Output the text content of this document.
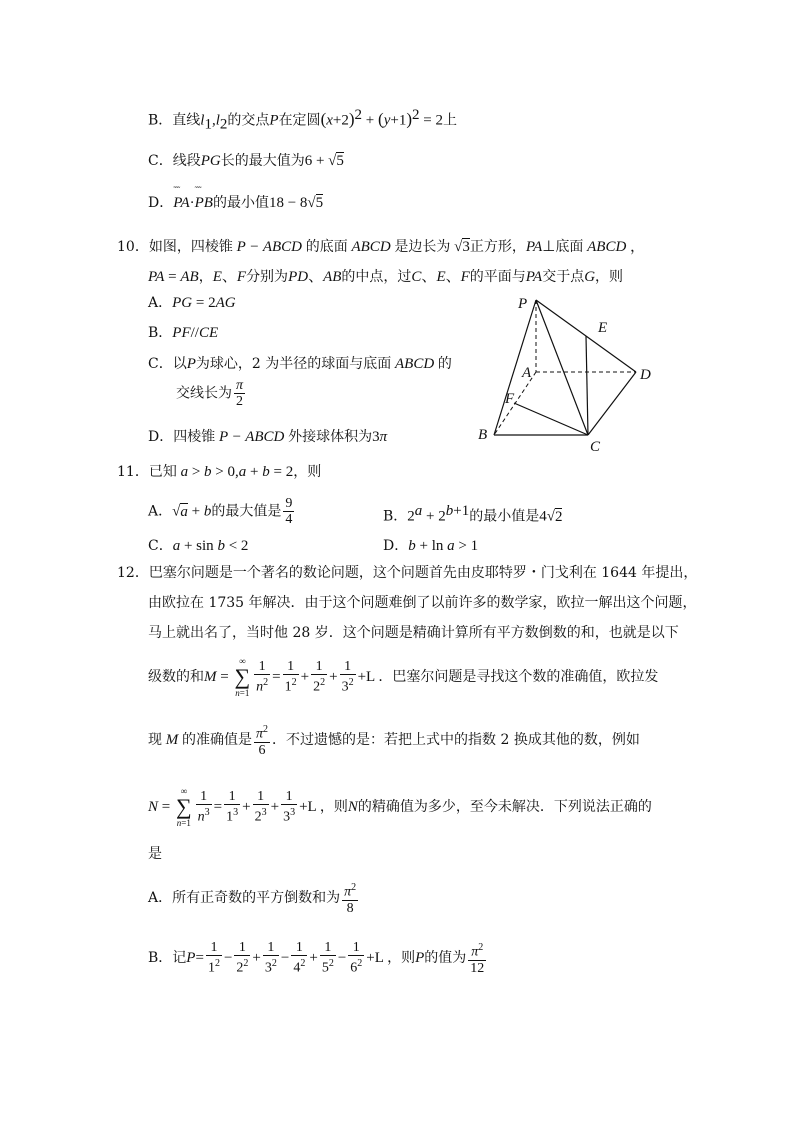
B．直线$l_1,l_2$的交点P在定圆$(x+2)^2 + (y+1)^2 = 2$上
C．线段PG长的最大值为6 + √5
D．˜˜˜ PA·˜˜˜ PB的最小值18 − 8√5
10．如图，四棱锥 P − ABCD 的底面 ABCD 是边长为 √3正方形，PA⊥底面 ABCD ，
PA = AB，E、F分别为PD、AB的中点，过C、E、F的平面与PA交于点G，则
A．PG = 2AG
B．PF//CE
C．以P为球心，2 为半径的球面与底面 ABCD 的
交线长为 $\frac{\pi}{2}$
D．四棱锥 P − ABCD 外接球体积为3π
P
E
A	D
F
B
C
11．已知 a > b > 0,a + b = 2，则
A．√a + b的最大值是 $\frac{9}{4}$	B．$2^a + 2^{b+1}$的最小值是4√2
C．a + sin b < 2	D．b + ln a > 1
12．巴塞尔问题是一个著名的数论问题，这个问题首先由皮耶特罗・门戈利在 1644 年提出，
由欧拉在 1735 年解决．由于这个问题难倒了以前许多的数学家，欧拉一解出这个问题，
马上就出名了，当时他 28 岁．这个问题是精确计算所有平方数倒数的和，也就是以下
级数的和M =
∞
∑
$n=1 \frac{1}{n^2} = \frac{1}{1^2} + \frac{1}{2^2} + \frac{1}{3^2} +L$ ．巴塞尔问题是寻找这个数的准确值，欧拉发
现 M 的准确值是 $\frac{\pi^2}{6}$ ．不过遗憾的是：若把上式中的指数 2 换成其他的数，例如
N =
∞
∑
$n=1 \frac{1}{n^3} = \frac{1}{1^3} + \frac{1}{2^3} + \frac{1}{3^3} +L$ ，则N的精确值为多少，至今未解决．下列说法正确的
是
A．所有正奇数的平方倒数和为 $\frac{\pi^2}{8}$
B．记$P= \frac{1}{1^2} - \frac{1}{2^2} + \frac{1}{3^2} - \frac{1}{4^2} + \frac{1}{5^2} - \frac{1}{6^2} +L$ ，则P的值为 $\frac{\pi^2}{12}$
